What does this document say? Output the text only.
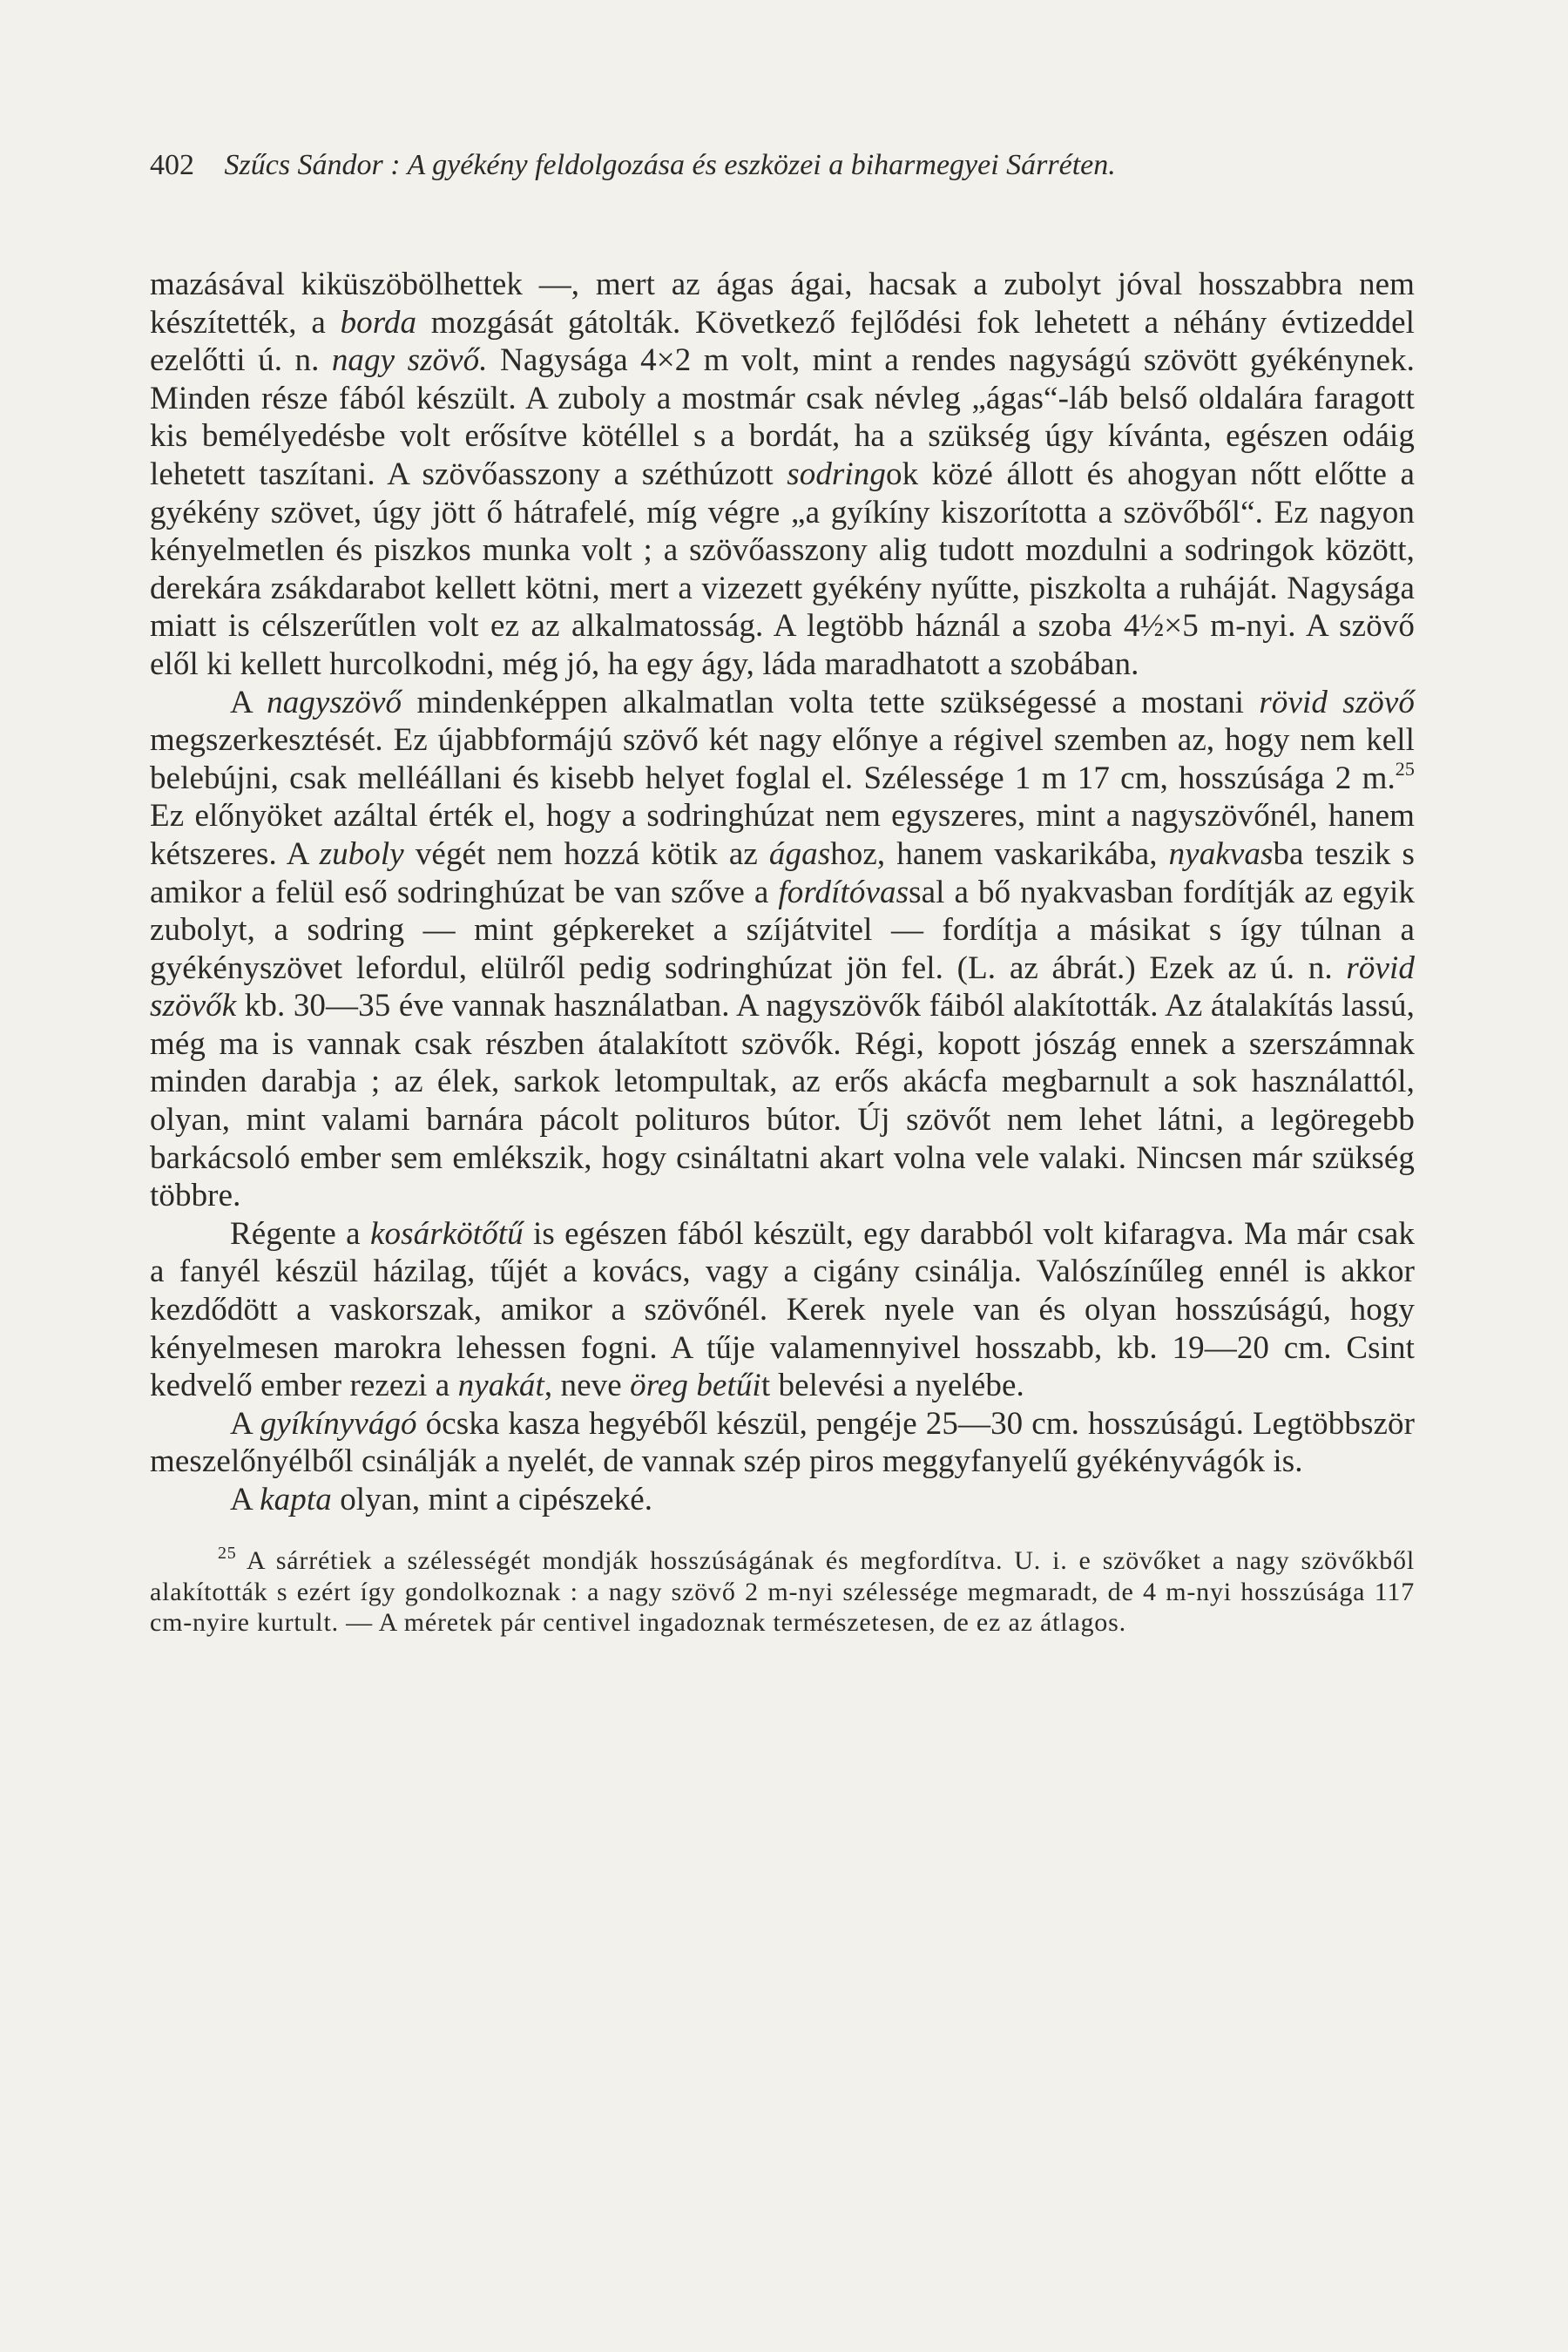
402 Szűcs Sándor : A gyékény feldolgozása és eszközei a biharmegyei Sárréten.

mazásával kiküszöbölhettek —, mert az ágas ágai, hacsak a zubolyt jóval hosszabbra nem készítették, a borda mozgását gátolták. Következő fejlődési fok lehetett a néhány évtizeddel ezelőtti ú. n. nagy szövő. Nagysága 4×2 m volt, mint a rendes nagyságú szövött gyékénynek. Minden része fából készült. A zuboly a mostmár csak névleg „ágas“-láb belső oldalára faragott kis bemélyedésbe volt erősítve kötéllel s a bordát, ha a szükség úgy kívánta, egészen odáig lehetett taszítani. A szövőasszony a széthúzott sodringok közé állott és ahogyan nőtt előtte a gyékény szövet, úgy jött ő hátrafelé, míg végre „a gyíkíny kiszorította a szövőből“. Ez nagyon kényelmetlen és piszkos munka volt ; a szövőasszony alig tudott mozdulni a sodringok között, derekára zsákdarabot kellett kötni, mert a vizezett gyékény nyűtte, piszkolta a ruháját. Nagysága miatt is célszerűtlen volt ez az alkalmatosság. A legtöbb háznál a szoba 4½×5 m-nyi. A szövő elől ki kellett hurcolkodni, még jó, ha egy ágy, láda maradhatott a szobában.

A nagyszövő mindenképpen alkalmatlan volta tette szükségessé a mostani rövid szövő megszerkesztését. Ez újabbformájú szövő két nagy előnye a régivel szemben az, hogy nem kell belebújni, csak melléállani és kisebb helyet foglal el. Szélessége 1 m 17 cm, hosszúsága 2 m.$^{25}$ Ez előnyöket azáltal érték el, hogy a sodringhúzat nem egyszeres, mint a nagyszövőnél, hanem kétszeres. A zuboly végét nem hozzá kötik az ágashoz, hanem vaskarikába, nyakvasba teszik s amikor a felül eső sodringhúzat be van szőve a fordítóvassal a bő nyakvasban fordítják az egyik zubolyt, a sodring — mint gépkereket a szíjátvitel — fordítja a másikat s így túlnan a gyékényszövet lefordul, elülről pedig sodringhúzat jön fel. (L. az ábrát.) Ezek az ú. n. rövid szövők kb. 30—35 éve vannak használatban. A nagyszövők fáiból alakították. Az átalakítás lassú, még ma is vannak csak részben átalakított szövők. Régi, kopott jószág ennek a szerszámnak minden darabja ; az élek, sarkok letompultak, az erős akácfa megbarnult a sok használattól, olyan, mint valami barnára pácolt polituros bútor. Új szövőt nem lehet látni, a legöregebb barkácsoló ember sem emlékszik, hogy csináltatni akart volna vele valaki. Nincsen már szükség többre.

Régente a kosárkötőtű is egészen fából készült, egy darabból volt kifaragva. Ma már csak a fanyél készül házilag, tűjét a kovács, vagy a cigány csinálja. Valószínűleg ennél is akkor kezdődött a vaskorszak, amikor a szövőnél. Kerek nyele van és olyan hosszúságú, hogy kényelmesen marokra lehessen fogni. A tűje valamennyivel hosszabb, kb. 19—20 cm. Csint kedvelő ember rezezi a nyakát, neve öreg betűit belevési a nyelébe.

A gyíkínyvágó ócska kasza hegyéből készül, pengéje 25—30 cm. hosszúságú. Legtöbbször meszelőnyélből csinálják a nyelét, de vannak szép piros meggyfanyelű gyékényvágók is.

A kapta olyan, mint a cipészeké.

$^{25}$ A sárrétiek a szélességét mondják hosszúságának és megfordítva. U. i. e szövőket a nagy szövőkből alakították s ezért így gondolkoznak : a nagy szövő 2 m-nyi szélessége megmaradt, de 4 m-nyi hosszúsága 117 cm-nyire kurtult. — A méretek pár centivel ingadoznak természetesen, de ez az átlagos.
